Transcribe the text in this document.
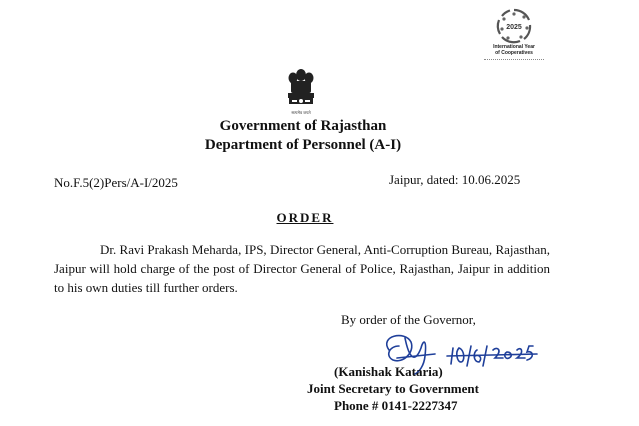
2025
International Year
of Cooperatives
सत्यमेव जयते
Government of Rajasthan
Department of Personnel (A-I)
No.F.5(2)Pers/A-I/2025	Jaipur, dated: 10.06.2025
ORDER
Dr. Ravi Prakash Meharda, IPS, Director General, Anti-Corruption Bureau, Rajasthan, Jaipur will hold charge of the post of Director General of Police, Rajasthan, Jaipur in addition to his own duties till further orders.
By order of the Governor,
(Kanishak Kataria)
Joint Secretary to Government
Phone # 0141-2227347
